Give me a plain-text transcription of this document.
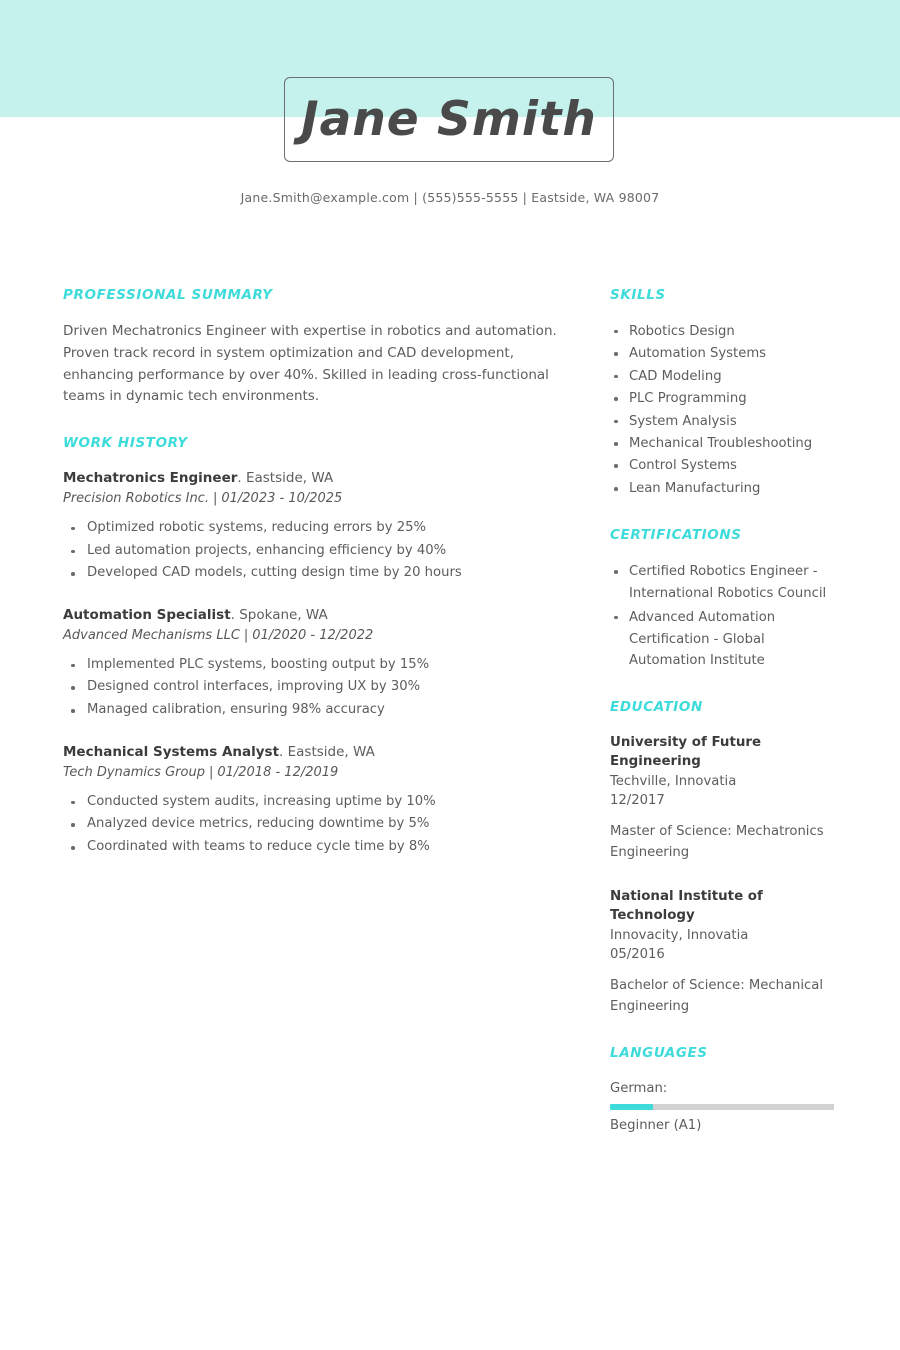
Jane Smith
Jane.Smith@example.com | (555)555-5555 | Eastside, WA 98007
PROFESSIONAL SUMMARY

Driven Mechatronics Engineer with expertise in robotics and automation. Proven track record in system optimization and CAD development, enhancing performance by over 40%. Skilled in leading cross-functional teams in dynamic tech environments.

WORK HISTORY

Mechatronics Engineer. Eastside, WA

Precision Robotics Inc. | 01/2023 - 10/2025

Optimized robotic systems, reducing errors by 25%
Led automation projects, enhancing efficiency by 40%
Developed CAD models, cutting design time by 20 hours

Automation Specialist. Spokane, WA

Advanced Mechanisms LLC | 01/2020 - 12/2022

Implemented PLC systems, boosting output by 15%
Designed control interfaces, improving UX by 30%
Managed calibration, ensuring 98% accuracy

Mechanical Systems Analyst. Eastside, WA

Tech Dynamics Group | 01/2018 - 12/2019

Conducted system audits, increasing uptime by 10%
Analyzed device metrics, reducing downtime by 5%
Coordinated with teams to reduce cycle time by 8%
SKILLS
Robotics Design
Automation Systems
CAD Modeling
PLC Programming
System Analysis
Mechanical Troubleshooting
Control Systems
Lean Manufacturing
CERTIFICATIONS
Certified Robotics Engineer - International Robotics Council
Advanced Automation Certification - Global Automation Institute
EDUCATION

University of Future Engineering

Techville, Innovatia

12/2017

Master of Science: Mechatronics Engineering

National Institute of Technology

Innovacity, Innovatia

05/2016

Bachelor of Science: Mechanical Engineering

LANGUAGES

German:

Beginner (A1)
